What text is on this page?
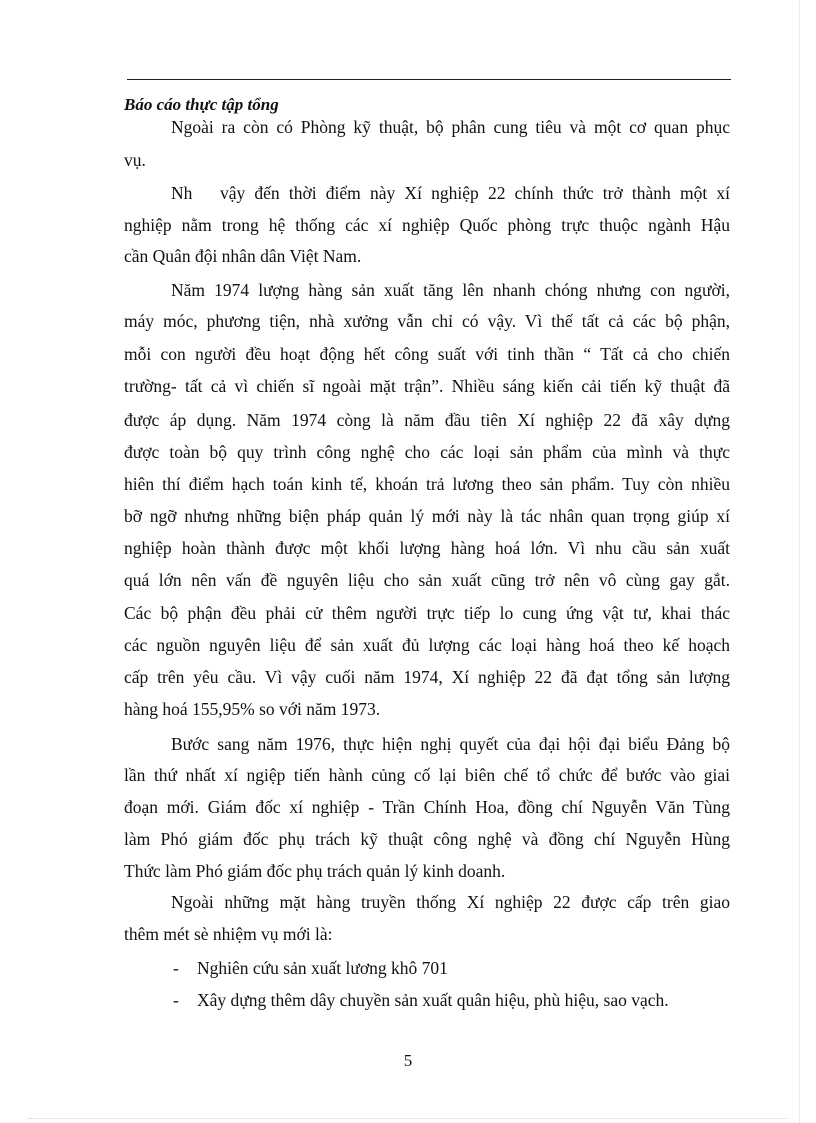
Báo cáo thực tập tổng
Ngoài ra còn có Phòng kỹ thuật, bộ phân cung tiêu và một cơ quan phục
vụ.
Nh   vậy đến thời điểm này Xí nghiệp 22 chính thức trở thành một xí
nghiệp nằm trong hệ thống các xí nghiệp Quốc phòng trực thuộc ngành Hậu
cần Quân đội nhân dân Việt Nam.
Năm 1974 lượng hàng sản xuất tăng lên nhanh chóng nhưng con người,
máy móc, phương tiện, nhà xưởng vẫn chỉ có vậy. Vì thế tất cả các bộ phận,
mỗi con người đều hoạt động hết công suất với tinh thần “ Tất cả cho chiến
trường- tất cả vì chiến sĩ ngoài mặt trận”. Nhiều sáng kiến cải tiến kỹ thuật đã
được áp dụng. Năm 1974 còng là năm đầu tiên Xí nghiệp 22 đã xây dựng
được toàn bộ quy trình công nghệ cho các loại sản phẩm của mình và thực
hiên thí điểm hạch toán kinh tế, khoán trả lương theo sản phẩm. Tuy còn nhiều
bỡ ngỡ nhưng những biện pháp quản lý mới này là tác nhân quan trọng giúp xí
nghiệp hoàn thành được một khối lượng hàng hoá lớn. Vì nhu cầu sản xuất
quá lớn nên vấn đề nguyên liệu cho sản xuất cũng trở nên vô cùng gay gắt.
Các bộ phận đều phải cử thêm người trực tiếp lo cung ứng vật tư, khai thác
các nguồn nguyên liệu để sản xuất đủ lượng các loại hàng hoá theo kế hoạch
cấp trên yêu cầu. Vì vậy cuối năm 1974, Xí nghiệp 22 đã đạt tổng sản lượng
hàng hoá 155,95% so với năm 1973.
Bước sang năm 1976, thực hiện nghị quyết của đại hội đại biểu Đảng bộ
lần thứ nhất xí ngiệp tiến hành củng cố lại biên chế tổ chức để bước vào giai
đoạn mới. Giám đốc xí nghiệp - Trần Chính Hoa, đồng chí Nguyễn Văn Tùng
làm Phó giám đốc phụ trách kỹ thuật công nghệ và đồng chí Nguyễn Hùng
Thức làm Phó giám đốc phụ trách quản lý kinh doanh.
Ngoài những mặt hàng truyền thống Xí nghiệp 22 được cấp trên giao
thêm mét sè nhiệm vụ mới là:
- Nghiên cứu sản xuất lương khô 701
- Xây dựng thêm dây chuyền sản xuất quân hiệu, phù hiệu, sao vạch.
5
